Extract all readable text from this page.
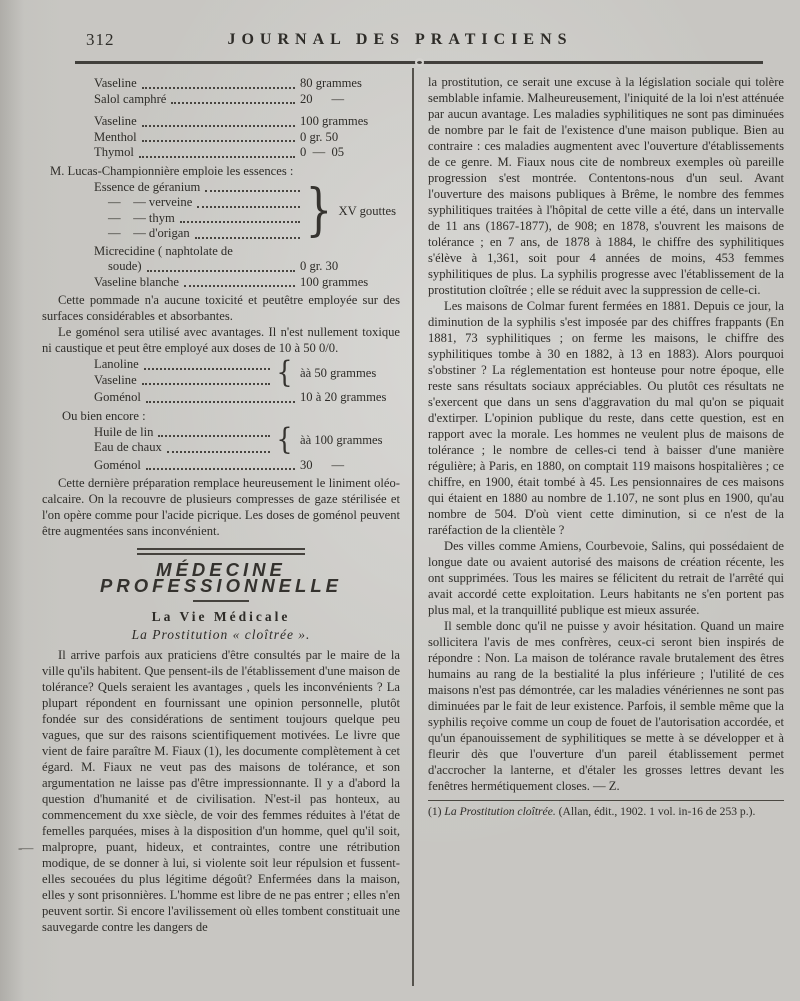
312	JOURNAL DES PRATICIENS
-—
Vaseline	80 grammes
Salol camphré	20  —
Vaseline	100 grammes
Menthol	0 gr. 50
Thymol	0 — 05

M. Lucas-Championnière emploie les essences :

Essence de géranium
—  — verveine
—  — thym
—  — d'origan } XV gouttes
Micrecidine ( naphtolate de
soude)	0 gr. 30
Vaseline blanche	100 grammes

Cette pommade n'a aucune toxicité et peutêtre employée sur des surfaces considérables et absorbantes.

Le goménol sera utilisé avec avantages. Il n'est nullement toxique ni caustique et peut être employé aux doses de 10 à 50 0/0.

Lanoline
Vaseline	{ àà 50 grammes
Goménol	10 à 20 grammes

Ou bien encore :

Huile de lin
Eau de chaux	{ àà 100 grammes
Goménol	30  —

Cette dernière préparation remplace heureusement le liniment oléo-calcaire. On la recouvre de plusieurs compresses de gaze stérilisée et l'on opère comme pour l'acide picrique. Les doses de goménol peuvent être augmentées sans inconvénient.

MÉDECINE PROFESSIONNELLE

La Vie Médicale

La Prostitution « cloîtrée ».

Il arrive parfois aux praticiens d'être consultés par le maire de la ville qu'ils habitent. Que pensent-ils de l'établissement d'une maison de tolérance? Quels seraient les avantages , quels les inconvénients ? La plupart répondent en fournissant une opinion personnelle, plutôt fondée sur des considérations de sentiment toujours quelque peu vagues, que sur des raisons scientifiquement motivées. Le livre que vient de faire paraître M. Fiaux (1), les documente complètement à cet égard. M. Fiaux ne veut pas des maisons de tolérance, et son argumentation ne laisse pas d'être impressionnante. Il y a d'abord la question d'humanité et de civilisation. N'est-il pas honteux, au commencement du xxe siècle, de voir des femmes réduites à l'état de femelles parquées, mises à la disposition d'un homme, quel qu'il soit, malpropre, puant, hideux, et contraintes, contre une rétribution modique, de se donner à lui, si violente soit leur répulsion et fussent-elles secouées du plus légitime dégoût? Enfermées dans la maison, elles y sont prisonnières. L'homme est libre de ne pas entrer ; elles n'en peuvent sortir. Si encore l'avilissement où elles tombent constituait une sauvegarde contre les dangers de

la prostitution, ce serait une excuse à la législation sociale qui tolère semblable infamie. Malheureusement, l'iniquité de la loi n'est atténuée par aucun avantage. Les maladies syphilitiques ne sont pas diminuées de nombre par le fait de l'existence d'une maison publique. Bien au contraire : ces maladies augmentent avec l'ouverture d'établissements de ce genre. M. Fiaux nous cite de nombreux exemples où pareille progression s'est montrée. Contentons-nous d'un seul. Avant l'ouverture des maisons publiques à Brême, le nombre des femmes syphilitiques traitées à l'hôpital de cette ville a été, dans un intervalle de 11 ans (1867-1877), de 908; en 1878, s'ouvrent les maisons de tolérance ; en 7 ans, de 1878 à 1884, le chiffre des syphilitiques s'élève à 1,361, soit pour 4 années de moins, 453 femmes syphilitiques de plus. La syphilis progresse avec l'établissement de la prostitution cloîtrée ; elle se réduit avec la suppression de celle-ci.

Les maisons de Colmar furent fermées en 1881. Depuis ce jour, la diminution de la syphilis s'est imposée par des chiffres frappants (En 1881, 73 syphilitiques ; on ferme les maisons, le chiffre des syphilitiques tombe à 30 en 1882, à 13 en 1883). Alors pourquoi s'obstiner ? La réglementation est honteuse pour notre époque, elle reste sans résultats sociaux appréciables. Ou plutôt ces résultats ne s'exercent que dans un sens d'aggravation du mal qu'on se piquait d'extirper. L'opinion publique du reste, dans cette question, est en rapport avec la morale. Les hommes ne veulent plus de maisons de tolérance ; le nombre de celles-ci tend à baisser d'une manière régulière; à Paris, en 1880, on comptait 119 maisons hospitalières ; ce chiffre, en 1900, était tombé à 45. Les pensionnaires de ces maisons qui étaient en 1880 au nombre de 1.107, ne sont plus en 1900, qu'au nombre de 504. D'où vient cette diminution, si ce n'est de la raréfaction de la clientèle ?

Des villes comme Amiens, Courbevoie, Salins, qui possédaient de longue date ou avaient autorisé des maisons de création récente, les ont supprimées. Tous les maires se félicitent du retrait de l'arrêté qui avait accordé cette exploitation. Leurs habitants ne s'en portent pas plus mal, et la tranquillité publique est mieux assurée.

Il semble donc qu'il ne puisse y avoir hésitation. Quand un maire sollicitera l'avis de mes confrères, ceux-ci seront bien inspirés de répondre : Non. La maison de tolérance ravale brutalement des êtres humains au rang de la bestialité la plus inférieure ; l'utilité de ces maisons n'est pas démontrée, car les maladies vénériennes ne sont pas diminuées par le fait de leur existence. Parfois, il semble même que la syphilis reçoive comme un coup de fouet de l'autorisation accordée, et qu'un épanouissement de syphilitiques se mette à se développer et à fleurir dès que l'ouverture d'un pareil établissement permet d'accrocher la lanterne, et d'étaler les grosses lettres devant les fenêtres hermétiquement closes. — Z.

(1) La Prostitution cloîtrée. (Allan, édit., 1902. 1 vol. in-16 de 253 p.).
